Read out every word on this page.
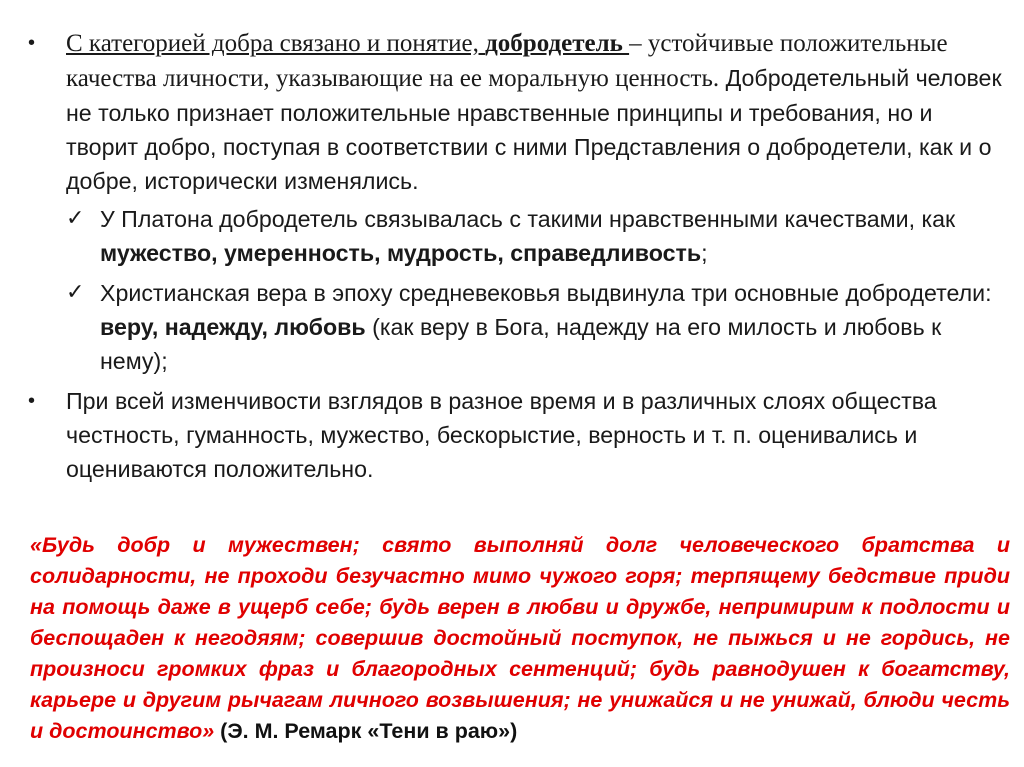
•	С категорией добра связано и понятие, добродетель – устойчивые положительные качества личности, указывающие на ее моральную ценность. Добродетельный человек не только признает положительные нравственные принципы и требования, но и творит добро, поступая в соответствии с ними Представления о добродетели, как и о добре, исторически изменялись.
✓ У Платона добродетель связывалась с такими нравственными качествами, как мужество, умеренность, мудрость, справедливость;
✓ Христианская вера в эпоху средневековья выдвинула три основные добродетели: веру, надежду, любовь (как веру в Бога, надежду на его милость и любовь к нему);
•	При всей изменчивости взглядов в разное время и в различных слоях общества честность, гуманность, мужество, бескорыстие, верность и т. п. оценивались и оцениваются положительно.

«Будь добр и мужествен; свято выполняй долг человеческого братства и солидарности, не проходи безучастно мимо чужого горя; терпящему бедствие приди на помощь даже в ущерб себе; будь верен в любви и дружбе, непримирим к подлости и беспощаден к негодяям; совершив достойный поступок, не пыжься и не гордись, не произноси громких фраз и благородных сентенций; будь равнодушен к богатству, карьере и другим рычагам личного возвышения; не унижайся и не унижай, блюди честь и достоинство» (Э. М. Ремарк «Тени в раю»)
